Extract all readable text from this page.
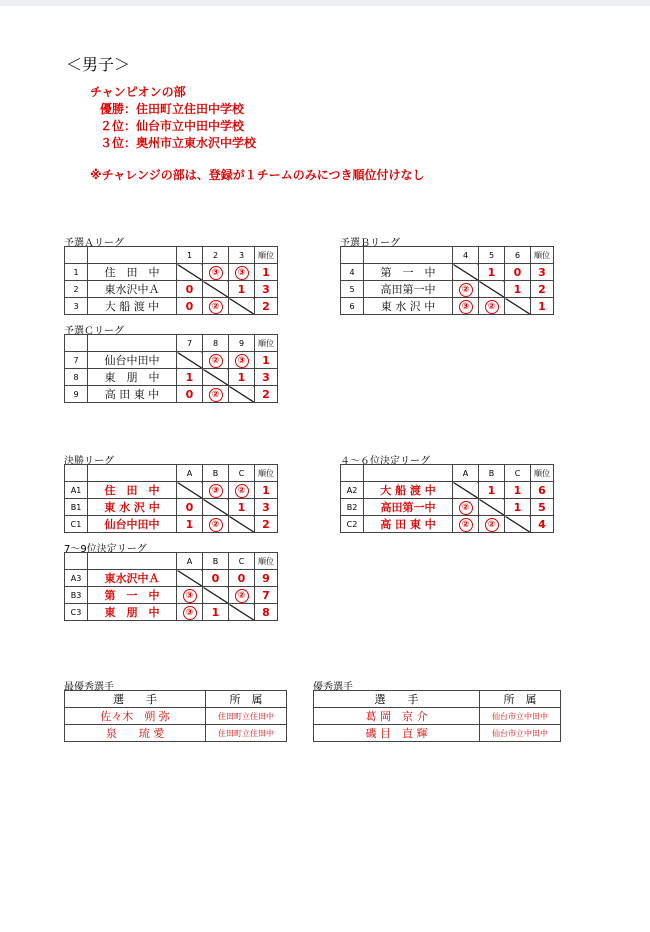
＜男子＞
チャンピオンの部
優勝：住田町立住田中学校
２位：仙台市立中田中学校
３位：奥州市立東水沢中学校
※チャレンジの部は、登録が１チームのみにつき順位付けなし
予選Ａリーグ	予選Ｂリーグ
予選Ｃリーグ
決勝リーグ	４～６位決定リーグ
7～9位決定リーグ
		1	2	3	順位
1	住　田　中		③	③	1
2	東水沢中Ａ	0		1	3
3	大 船 渡 中	0	②		2
		4	5	6	順位
4	第　一　中		1	0	3
5	高田第一中	②		1	2
6	東 水 沢 中	③	②		1
		7	8	9	順位
7	仙台中田中		②	③	1
8	東　朋　中	1		1	3
9	高 田 東 中	0	②		2
		A	B	C	順位
A1	住　田　中		③	②	1
B1	東 水 沢 中	0		1	3
C1	仙台中田中	1	②		2
		A	B	C	順位
A2	大 船 渡 中		1	1	6
B2	高田第一中	②		1	5
C2	高 田 東 中	②	②		4
		A	B	C	順位
A3	東水沢中Ａ		0	0	9
B3	第　一　中	③		②	7
C3	東　朋　中	③	1		8
最優秀選手
選　　手	所　属
佐々木　朔 弥	住田町立住田中
泉　　琉 愛	住田町立住田中
優秀選手
選　　手	所　属
葛 岡　京 介	仙台市立中田中
磯 目　直 輝	仙台市立中田中
